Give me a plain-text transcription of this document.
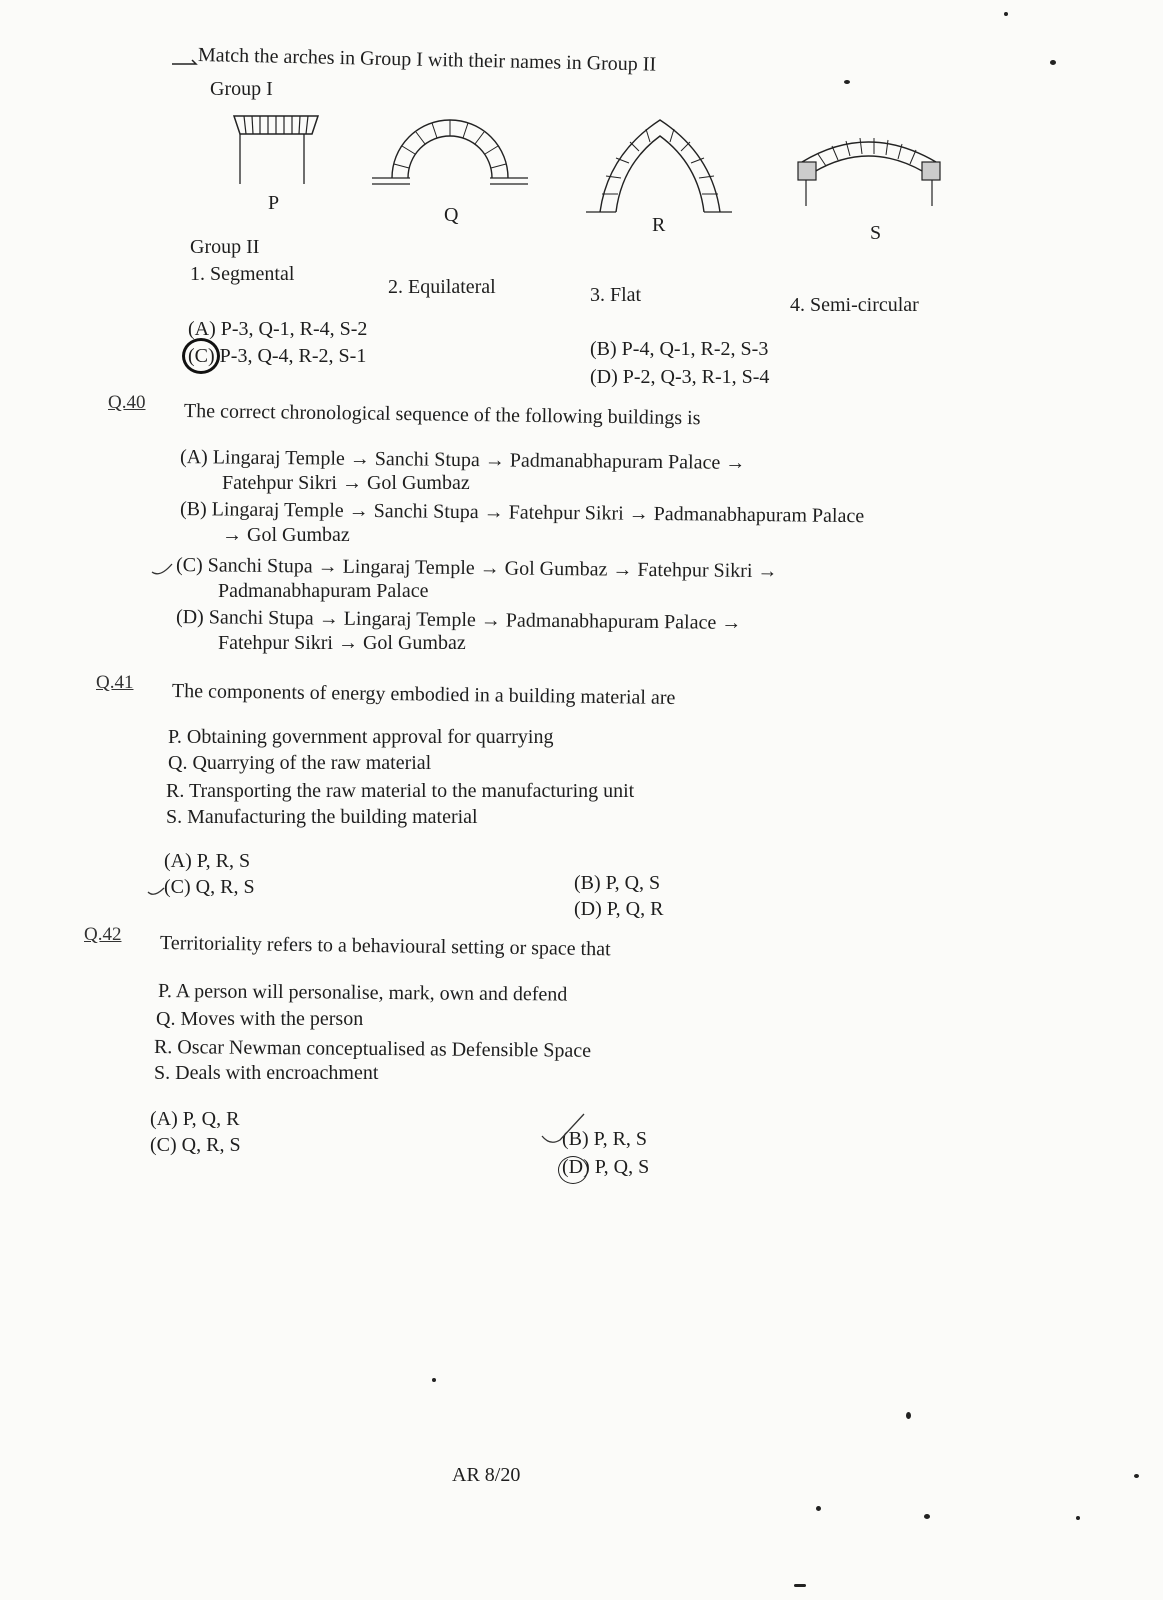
Match the arches in Group I with their names in Group II
Group I
P
Q	R	S
Group II
1. Segmental
2. Equilateral	3. Flat	4. Semi-circular
(A) P-3, Q-1, R-4, S-2
(C) P-3, Q-4, R-2, S-1	(B) P-4, Q-1, R-2, S-3
(D) P-2, Q-3, R-1, S-4
Q.40 The correct chronological sequence of the following buildings is
(A) Lingaraj Temple → Sanchi Stupa → Padmanabhapuram Palace →
Fatehpur Sikri → Gol Gumbaz
(B) Lingaraj Temple → Sanchi Stupa → Fatehpur Sikri → Padmanabhapuram Palace
→ Gol Gumbaz
(C) Sanchi Stupa → Lingaraj Temple → Gol Gumbaz → Fatehpur Sikri →
Padmanabhapuram Palace
(D) Sanchi Stupa → Lingaraj Temple → Padmanabhapuram Palace →
Fatehpur Sikri → Gol Gumbaz
Q.41 The components of energy embodied in a building material are
P. Obtaining government approval for quarrying
Q. Quarrying of the raw material
R. Transporting the raw material to the manufacturing unit
S. Manufacturing the building material
(A) P, R, S
(C) Q, R, S	(B) P, Q, S
(D) P, Q, R
Q.42 Territoriality refers to a behavioural setting or space that
P. A person will personalise, mark, own and defend
Q. Moves with the person
R. Oscar Newman conceptualised as Defensible Space
S. Deals with encroachment
(A) P, Q, R
(C) Q, R, S	(B) P, R, S
(D) P, Q, S
AR 8/20
